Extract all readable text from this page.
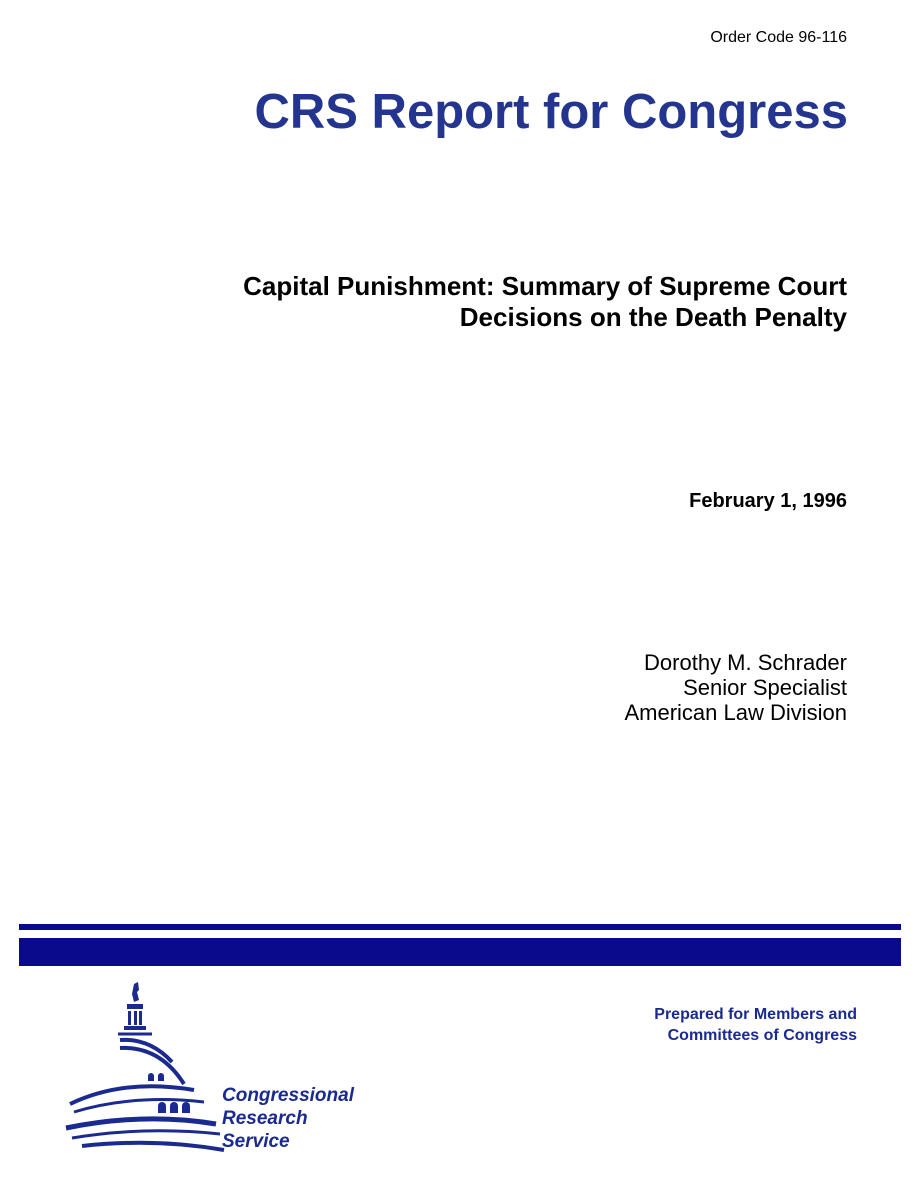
Order Code 96-116
CRS Report for Congress
Capital Punishment: Summary of Supreme Court
Decisions on the Death Penalty
February 1, 1996
Dorothy M. Schrader
Senior Specialist
American Law Division
Congressional
Research
Service
Prepared for Members and
Committees of Congress
